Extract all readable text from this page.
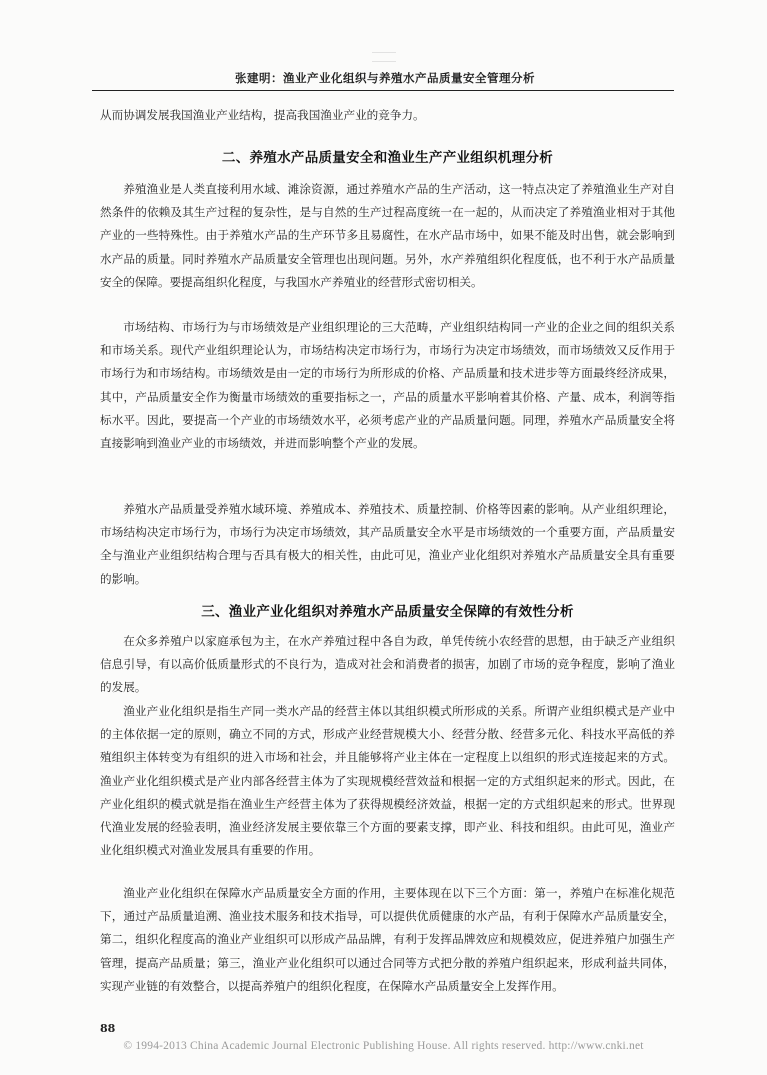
张建明：渔业产业化组织与养殖水产品质量安全管理分析

从而协调发展我国渔业产业结构，提高我国渔业产业的竞争力。

二、养殖水产品质量安全和渔业生产产业组织机理分析

养殖渔业是人类直接利用水域、滩涂资源，通过养殖水产品的生产活动，这一特点决定了养殖渔业生产对自然条件的依赖及其生产过程的复杂性，是与自然的生产过程高度统一在一起的，从而决定了养殖渔业相对于其他产业的一些特殊性。由于养殖水产品的生产环节多且易腐性，在水产品市场中，如果不能及时出售，就会影响到水产品的质量。同时养殖水产品质量安全管理也出现问题。另外，水产养殖组织化程度低，也不利于水产品质量安全的保障。要提高组织化程度，与我国水产养殖业的经营形式密切相关。

市场结构、市场行为与市场绩效是产业组织理论的三大范畴，产业组织结构同一产业的企业之间的组织关系和市场关系。现代产业组织理论认为，市场结构决定市场行为，市场行为决定市场绩效，而市场绩效又反作用于市场行为和市场结构。市场绩效是由一定的市场行为所形成的价格、产品质量和技术进步等方面最终经济成果，其中，产品质量安全作为衡量市场绩效的重要指标之一，产品的质量水平影响着其价格、产量、成本，利润等指标水平。因此，要提高一个产业的市场绩效水平，必须考虑产业的产品质量问题。同理，养殖水产品质量安全将直接影响到渔业产业的市场绩效，并进而影响整个产业的发展。

养殖水产品质量受养殖水域环境、养殖成本、养殖技术、质量控制、价格等因素的影响。从产业组织理论，市场结构决定市场行为，市场行为决定市场绩效，其产品质量安全水平是市场绩效的一个重要方面，产品质量安全与渔业产业组织结构合理与否具有极大的相关性，由此可见，渔业产业化组织对养殖水产品质量安全具有重要的影响。

三、渔业产业化组织对养殖水产品质量安全保障的有效性分析

在众多养殖户以家庭承包为主，在水产养殖过程中各自为政，单凭传统小农经营的思想，由于缺乏产业组织信息引导，有以高价低质量形式的不良行为，造成对社会和消费者的损害，加剧了市场的竞争程度，影响了渔业的发展。

渔业产业化组织是指生产同一类水产品的经营主体以其组织模式所形成的关系。所谓产业组织模式是产业中的主体依据一定的原则，确立不同的方式，形成产业经营规模大小、经营分散、经营多元化、科技水平高低的养殖组织主体转变为有组织的进入市场和社会，并且能够将产业主体在一定程度上以组织的形式连接起来的方式。渔业产业化组织模式是产业内部各经营主体为了实现规模经营效益和根据一定的方式组织起来的形式。因此，在产业化组织的模式就是指在渔业生产经营主体为了获得规模经济效益，根据一定的方式组织起来的形式。世界现代渔业发展的经验表明，渔业经济发展主要依靠三个方面的要素支撑，即产业、科技和组织。由此可见，渔业产业化组织模式对渔业发展具有重要的作用。

渔业产业化组织在保障水产品质量安全方面的作用，主要体现在以下三个方面：第一，养殖户在标准化规范下，通过产品质量追溯、渔业技术服务和技术指导，可以提供优质健康的水产品，有利于保障水产品质量安全，第二，组织化程度高的渔业产业组织可以形成产品品牌，有利于发挥品牌效应和规模效应，促进养殖户加强生产管理，提高产品质量；第三，渔业产业化组织可以通过合同等方式把分散的养殖户组织起来，形成利益共同体，实现产业链的有效整合，以提高养殖户的组织化程度，在保障水产品质量安全上发挥作用。

88
© 1994-2013 China Academic Journal Electronic Publishing House. All rights reserved. http://www.cnki.net
